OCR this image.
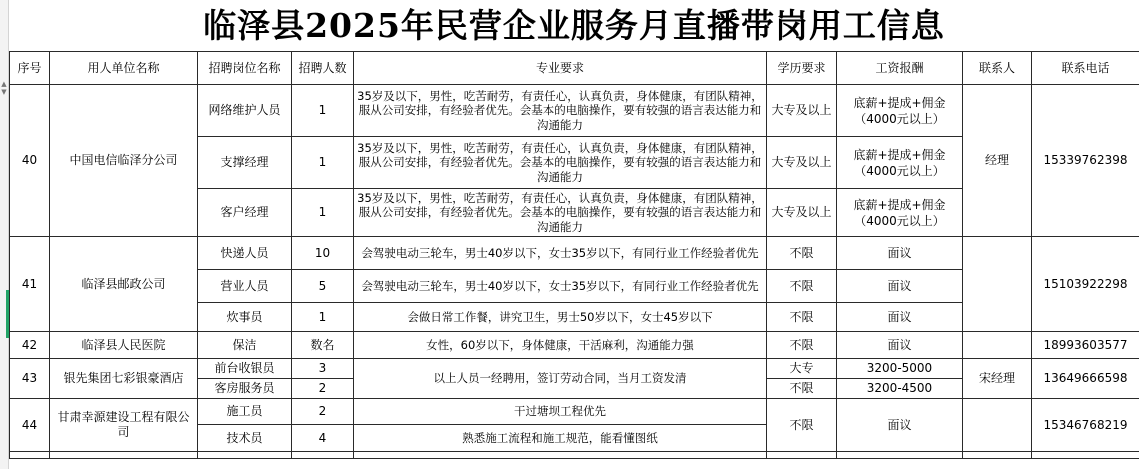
▲
▼
临泽县2025年民营企业服务月直播带岗用工信息
序号	用人单位名称	招聘岗位名称	招聘人数	专业要求	学历要求	工资报酬	联系人	联系电话
40	中国电信临泽分公司	网络维护人员	1	35岁及以下，男性，吃苦耐劳，有责任心，认真负责，身体健康，有团队精神，服从公司安排，有经验者优先。会基本的电脑操作，要有较强的语言表达能力和沟通能力	大专及以上	底薪+提成+佣金（4000元以上）	经理	15339762398
		支撑经理	1	35岁及以下，男性，吃苦耐劳，有责任心，认真负责，身体健康，有团队精神，服从公司安排，有经验者优先。会基本的电脑操作，要有较强的语言表达能力和沟通能力	大专及以上	底薪+提成+佣金（4000元以上）		
		客户经理	1	35岁及以下，男性，吃苦耐劳，有责任心，认真负责，身体健康，有团队精神，服从公司安排，有经验者优先。会基本的电脑操作，要有较强的语言表达能力和沟通能力	大专及以上	底薪+提成+佣金（4000元以上）		
41	临泽县邮政公司	快递人员	10	会驾驶电动三轮车，男士40岁以下，女士35岁以下，有同行业工作经验者优先	不限	面议		15103922298
		营业人员	5	会驾驶电动三轮车，男士40岁以下，女士35岁以下，有同行业工作经验者优先	不限	面议		
		炊事员	1	会做日常工作餐，讲究卫生，男士50岁以下，女士45岁以下	不限	面议		
42	临泽县人民医院	保洁	数名	女性，60岁以下，身体健康，干活麻利，沟通能力强	不限	面议		18993603577
43	银先集团七彩银豪酒店	前台收银员	3	以上人员一经聘用，签订劳动合同，当月工资发清	大专	3200-5000	宋经理	13649666598
		客房服务员	2		不限	3200-4500		
44	甘肃幸源建设工程有限公司	施工员	2	干过塘坝工程优先	不限	面议		15346768219
		技术员	4	熟悉施工流程和施工规范，能看懂图纸				
